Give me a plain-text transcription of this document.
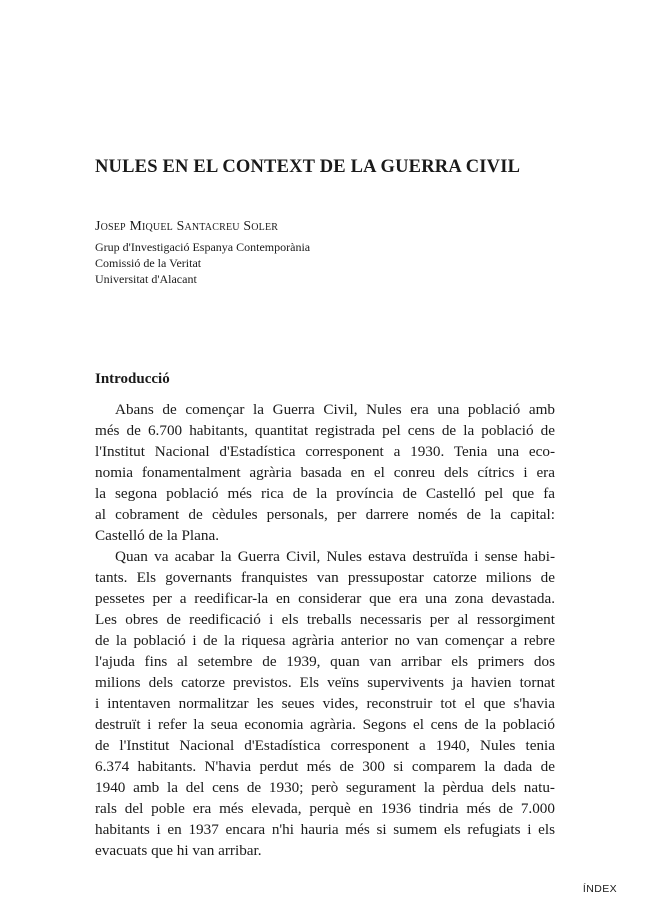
NULES EN EL CONTEXT DE LA GUERRA CIVIL
Josep Miquel Santacreu Soler
Grup d'Investigació Espanya Contemporània
Comissió de la Veritat
Universitat d'Alacant
Introducció

Abans de començar la Guerra Civil, Nules era una població amb
més de 6.700 habitants, quantitat registrada pel cens de la població de
l'Institut Nacional d'Estadística corresponent a 1930. Tenia una eco-
nomia fonamentalment agrària basada en el conreu dels cítrics i era
la segona població més rica de la província de Castelló pel que fa
al cobrament de cèdules personals, per darrere només de la capital:
Castelló de la Plana.

Quan va acabar la Guerra Civil, Nules estava destruïda i sense habi-
tants. Els governants franquistes van pressupostar catorze milions de
pessetes per a reedificar-la en considerar que era una zona devastada.
Les obres de reedificació i els treballs necessaris per al ressorgiment
de la població i de la riquesa agrària anterior no van començar a rebre
l'ajuda fins al setembre de 1939, quan van arribar els primers dos
milions dels catorze previstos. Els veïns supervivents ja havien tornat
i intentaven normalitzar les seues vides, reconstruir tot el que s'havia
destruït i refer la seua economia agrària. Segons el cens de la població
de l'Institut Nacional d'Estadística corresponent a 1940, Nules tenia
6.374 habitants. N'havia perdut més de 300 si comparem la dada de
1940 amb la del cens de 1930; però segurament la pèrdua dels natu-
rals del poble era més elevada, perquè en 1936 tindria més de 7.000
habitants i en 1937 encara n'hi hauria més si sumem els refugiats i els
evacuats que hi van arribar.

ÍNDEX
